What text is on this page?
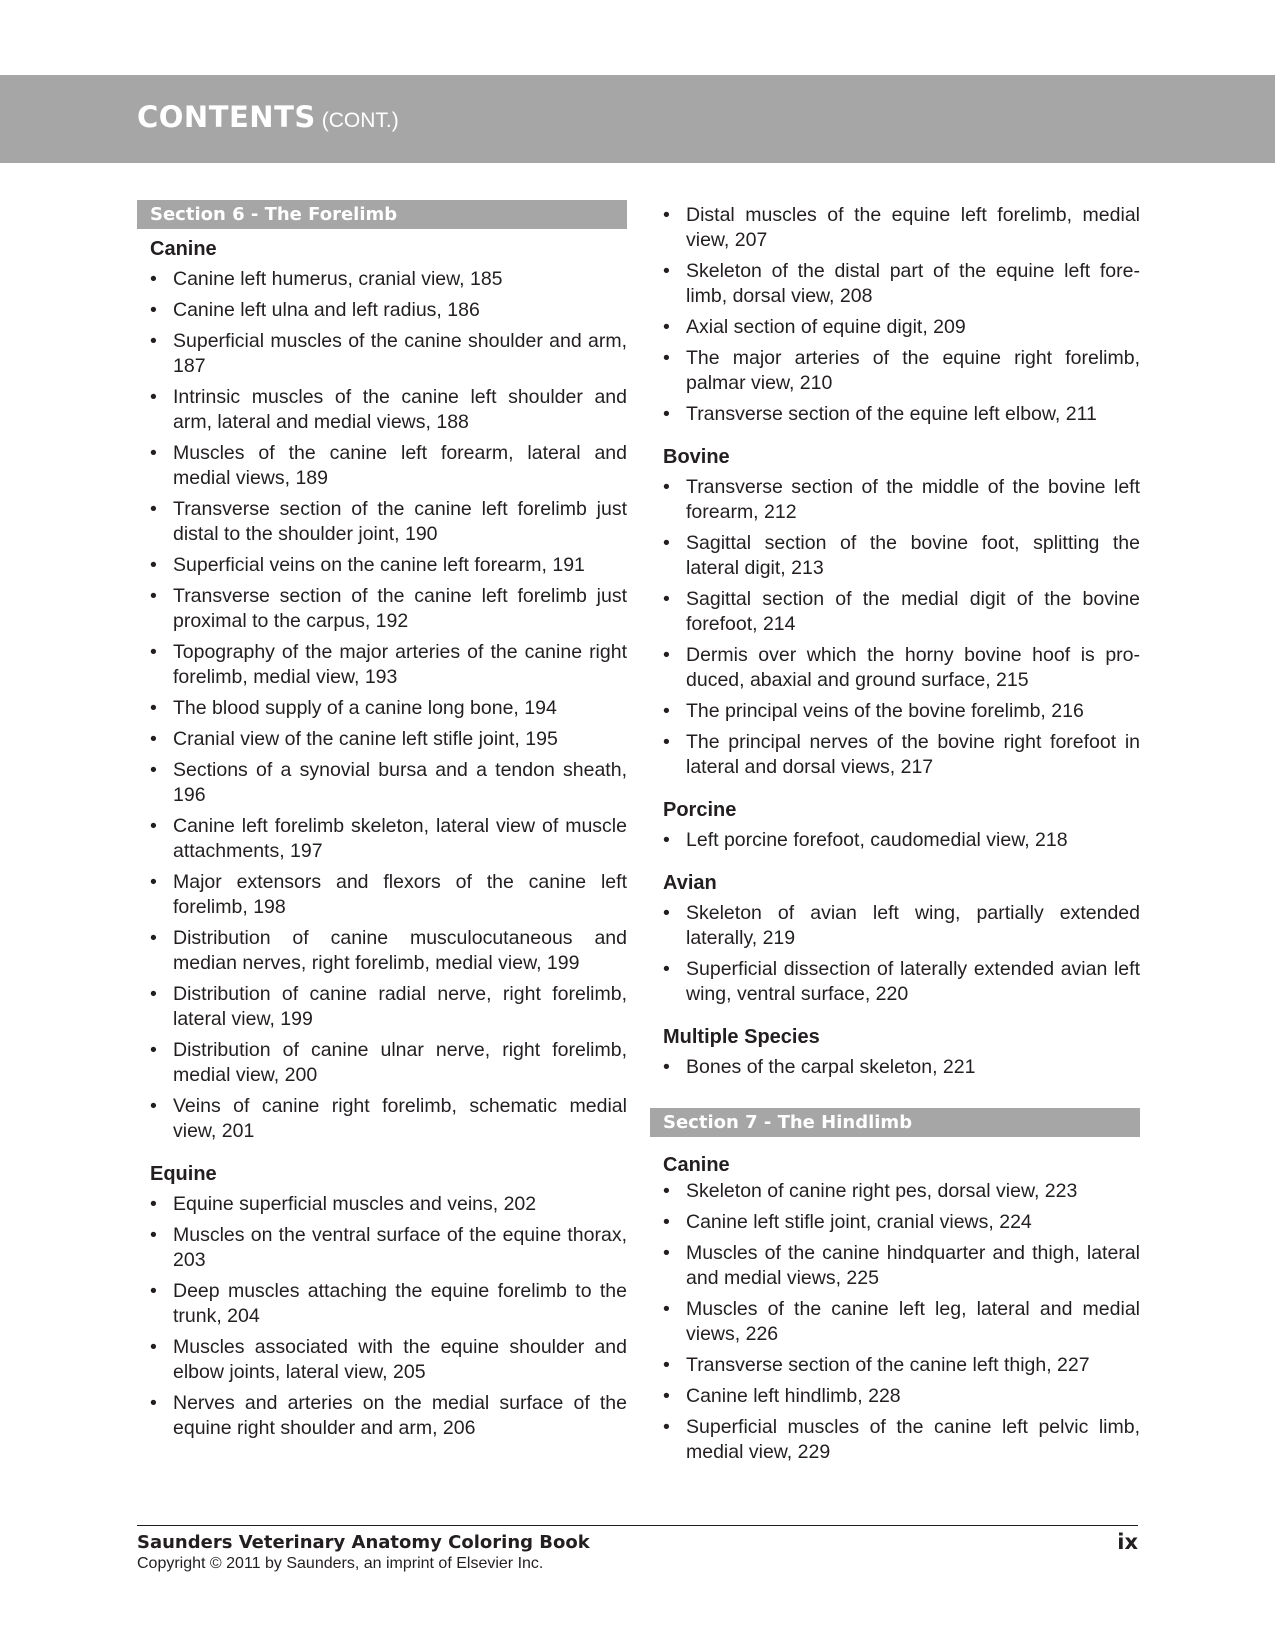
CONTENTS (CONT.)
Section 6 - The Forelimb
Canine
• Canine left humerus, cranial view, 185
• Canine left ulna and left radius, 186
• Superficial muscles of the canine shoulder and arm, 187
• Intrinsic muscles of the canine left shoulder and arm, lateral and medial views, 188
• Muscles of the canine left forearm, lateral and medial views, 189
• Transverse section of the canine left forelimb just distal to the shoulder joint, 190
• Superficial veins on the canine left forearm, 191
• Transverse section of the canine left forelimb just proximal to the carpus, 192
• Topography of the major arteries of the canine right forelimb, medial view, 193
• The blood supply of a canine long bone, 194
• Cranial view of the canine left stifle joint, 195
• Sections of a synovial bursa and a tendon sheath, 196
• Canine left forelimb skeleton, lateral view of muscle attachments, 197
• Major extensors and flexors of the canine left forelimb, 198
• Distribution of canine musculocutaneous and median nerves, right forelimb, medial view, 199
• Distribution of canine radial nerve, right forelimb, lateral view, 199
• Distribution of canine ulnar nerve, right forelimb, medial view, 200
• Veins of canine right forelimb, schematic medial view, 201
Equine
• Equine superficial muscles and veins, 202
• Muscles on the ventral surface of the equine thorax, 203
• Deep muscles attaching the equine forelimb to the trunk, 204
• Muscles associated with the equine shoulder and elbow joints, lateral view, 205
• Nerves and arteries on the medial surface of the equine right shoulder and arm, 206
• Distal muscles of the equine left forelimb, medial view, 207
• Skeleton of the distal part of the equine left fore-limb, dorsal view, 208
• Axial section of equine digit, 209
• The major arteries of the equine right forelimb, palmar view, 210
• Transverse section of the equine left elbow, 211
Bovine
• Transverse section of the middle of the bovine left forearm, 212
• Sagittal section of the bovine foot, splitting the lateral digit, 213
• Sagittal section of the medial digit of the bovine forefoot, 214
• Dermis over which the horny bovine hoof is pro-duced, abaxial and ground surface, 215
• The principal veins of the bovine forelimb, 216
• The principal nerves of the bovine right forefoot in lateral and dorsal views, 217
Porcine
• Left porcine forefoot, caudomedial view, 218
Avian
• Skeleton of avian left wing, partially extended laterally, 219
• Superficial dissection of laterally extended avian left wing, ventral surface, 220
Multiple Species
• Bones of the carpal skeleton, 221
Section 7 - The Hindlimb
Canine
• Skeleton of canine right pes, dorsal view, 223
• Canine left stifle joint, cranial views, 224
• Muscles of the canine hindquarter and thigh, lateral and medial views, 225
• Muscles of the canine left leg, lateral and medial views, 226
• Transverse section of the canine left thigh, 227
• Canine left hindlimb, 228
• Superficial muscles of the canine left pelvic limb, medial view, 229
Saunders Veterinary Anatomy Coloring Book
Copyright © 2011 by Saunders, an imprint of Elsevier Inc.
ix
